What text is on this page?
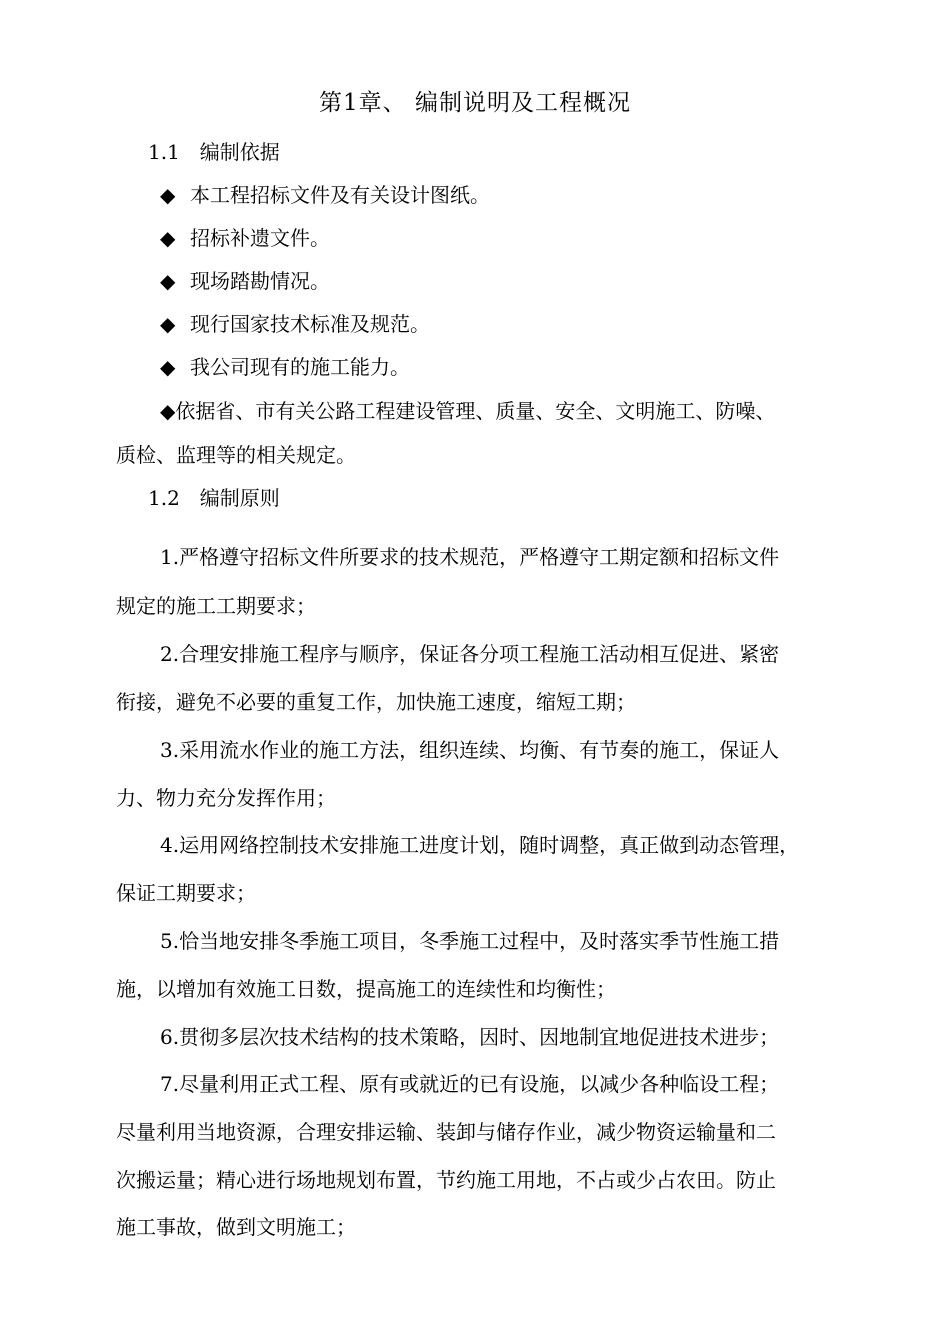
第1章、 编制说明及工程概况
1.1　编制依据
◆ 本工程招标文件及有关设计图纸。
◆ 招标补遗文件。
◆ 现场踏勘情况。
◆ 现行国家技术标准及规范。
◆ 我公司现有的施工能力。
◆依据省、市有关公路工程建设管理、质量、安全、文明施工、防噪、
质检、监理等的相关规定。
1.2　编制原则
1.严格遵守招标文件所要求的技术规范，严格遵守工期定额和招标文件
规定的施工工期要求；
2.合理安排施工程序与顺序，保证各分项工程施工活动相互促进、紧密
衔接，避免不必要的重复工作，加快施工速度，缩短工期；
3.采用流水作业的施工方法，组织连续、均衡、有节奏的施工，保证人
力、物力充分发挥作用；
4.运用网络控制技术安排施工进度计划，随时调整，真正做到动态管理，
保证工期要求；
5.恰当地安排冬季施工项目，冬季施工过程中，及时落实季节性施工措
施，以增加有效施工日数，提高施工的连续性和均衡性；
6.贯彻多层次技术结构的技术策略，因时、因地制宜地促进技术进步；
7.尽量利用正式工程、原有或就近的已有设施，以减少各种临设工程；
尽量利用当地资源，合理安排运输、装卸与储存作业，减少物资运输量和二
次搬运量；精心进行场地规划布置，节约施工用地，不占或少占农田。防止
施工事故，做到文明施工；
